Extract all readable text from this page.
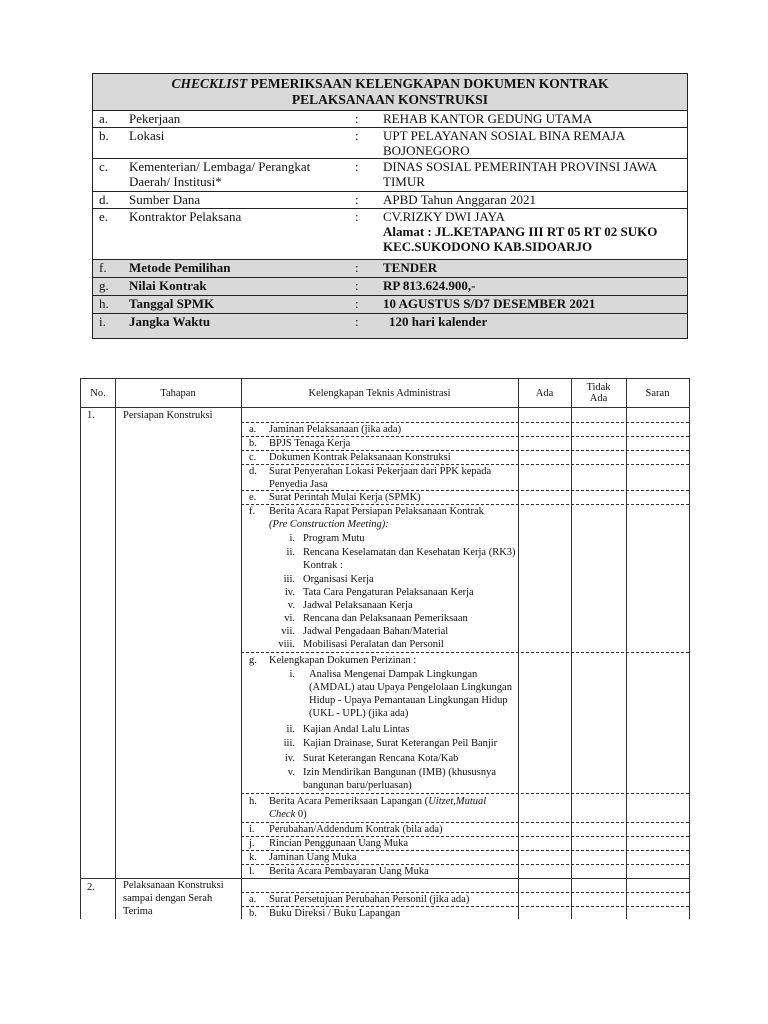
CHECKLIST PEMERIKSAAN KELENGKAPAN DOKUMEN KONTRAK
PELAKSANAAN KONSTRUKSI
a. Pekerjaan	: REHAB KANTOR GEDUNG UTAMA
b. Lokasi	: UPT PELAYANAN SOSIAL BINA REMAJA BOJONEGORO
c. Kementerian/ Lembaga/ Perangkat Daerah/ Institusi*
: DINAS SOSIAL PEMERINTAH PROVINSI JAWA TIMUR
d. Sumber Dana	: APBD Tahun Anggaran 2021
e. Kontraktor Pelaksana	: CV.RIZKY DWI JAYA
Alamat : JL.KETAPANG III RT 05 RT 02 SUKO KEC.SUKODONO KAB.SIDOARJO
f. Metode Pemilihan	: TENDER
g. Nilai Kontrak	: RP 813.624.900,-
h. Tanggal SPMK	: 10 AGUSTUS S/D7 DESEMBER 2021
i. Jangka Waktu	: 120 hari kalender
No.	Tahapan	Kelengkapan Teknis Administrasi	Ada	Tidak Ada	Saran
1.	Persiapan Konstruksi
a. Jaminan Pelaksanaan (jika ada)
b. BPJS Tenaga Kerja
c. Dokumen Kontrak Pelaksanaan Konstruksi
d. Surat Penyerahan Lokasi Pekerjaan dari PPK kepada Penyedia Jasa
e. Surat Perintah Mulai Kerja (SPMK)
f. Berita Acara Rapat Persiapan Pelaksanaan Kontrak
(Pre Construction Meeting):
i. Program Mutu
ii. Rencana Keselamatan dan Kesehatan Kerja (RK3) Kontrak :
iii. Organisasi Kerja
iv. Tata Cara Pengaturan Pelaksanaan Kerja
v. Jadwal Pelaksanaan Kerja
vi. Rencana dan Pelaksanaan Pemeriksaan
vii. Jadwal Pengadaan Bahan/Material
viii. Mobilisasi Peralatan dan Personil
g. Kelengkapan Dokumen Perizinan :
i. Analisa Mengenai Dampak Lingkungan (AMDAL) atau Upaya Pengelolaan Lingkungan Hidup - Upaya Pemantauan Lingkungan Hidup (UKL - UPL) (jika ada)
ii. Kajian Andal Lalu Lintas
iii. Kajian Drainase, Surat Keterangan Peil Banjir
iv. Surat Keterangan Rencana Kota/Kab
v. Izin Mendirikan Bangunan (IMB) (khususnya bangunan baru/perluasan)
h. Berita Acara Pemeriksaan Lapangan (Uitzet,Mutual Check 0)
i. Perubahan/Addendum Kontrak (bila ada)
j. Rincian Penggunaan Uang Muka
k. Jaminan Uang Muka
l. Berita Acara Pembayaran Uang Muka
2.	Pelaksanaan Konstruksi sampai dengan Serah Terima
a. Surat Persetujuan Perubahan Personil (jika ada)
b. Buku Direksi / Buku Lapangan
